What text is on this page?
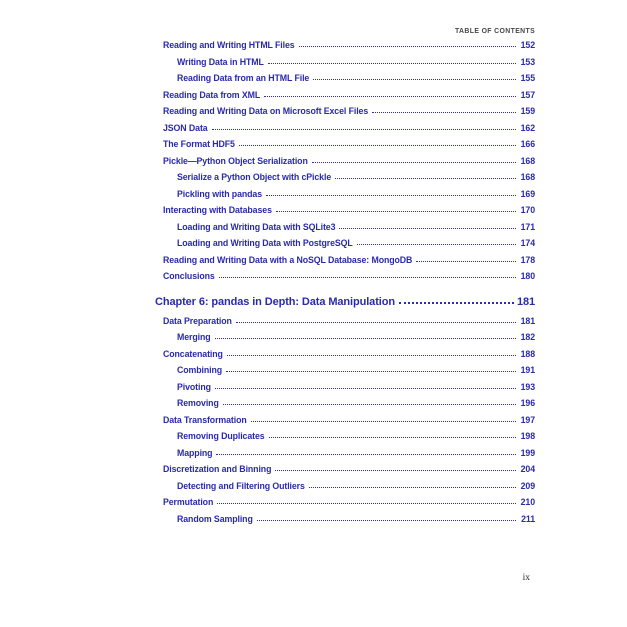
TABLE OF CONTENTS
Reading and Writing HTML Files	152
Writing Data in HTML	153
Reading Data from an HTML File	155
Reading Data from XML	157
Reading and Writing Data on Microsoft Excel Files	159
JSON Data	162
The Format HDF5	166
Pickle—Python Object Serialization	168
Serialize a Python Object with cPickle	168
Pickling with pandas	169
Interacting with Databases	170
Loading and Writing Data with SQLite3	171
Loading and Writing Data with PostgreSQL	174
Reading and Writing Data with a NoSQL Database: MongoDB	178
Conclusions	180
Chapter 6: pandas in Depth: Data Manipulation	181
Data Preparation	181
Merging	182
Concatenating	188
Combining	191
Pivoting	193
Removing	196
Data Transformation	197
Removing Duplicates	198
Mapping	199
Discretization and Binning	204
Detecting and Filtering Outliers	209
Permutation	210
Random Sampling	211
ix
